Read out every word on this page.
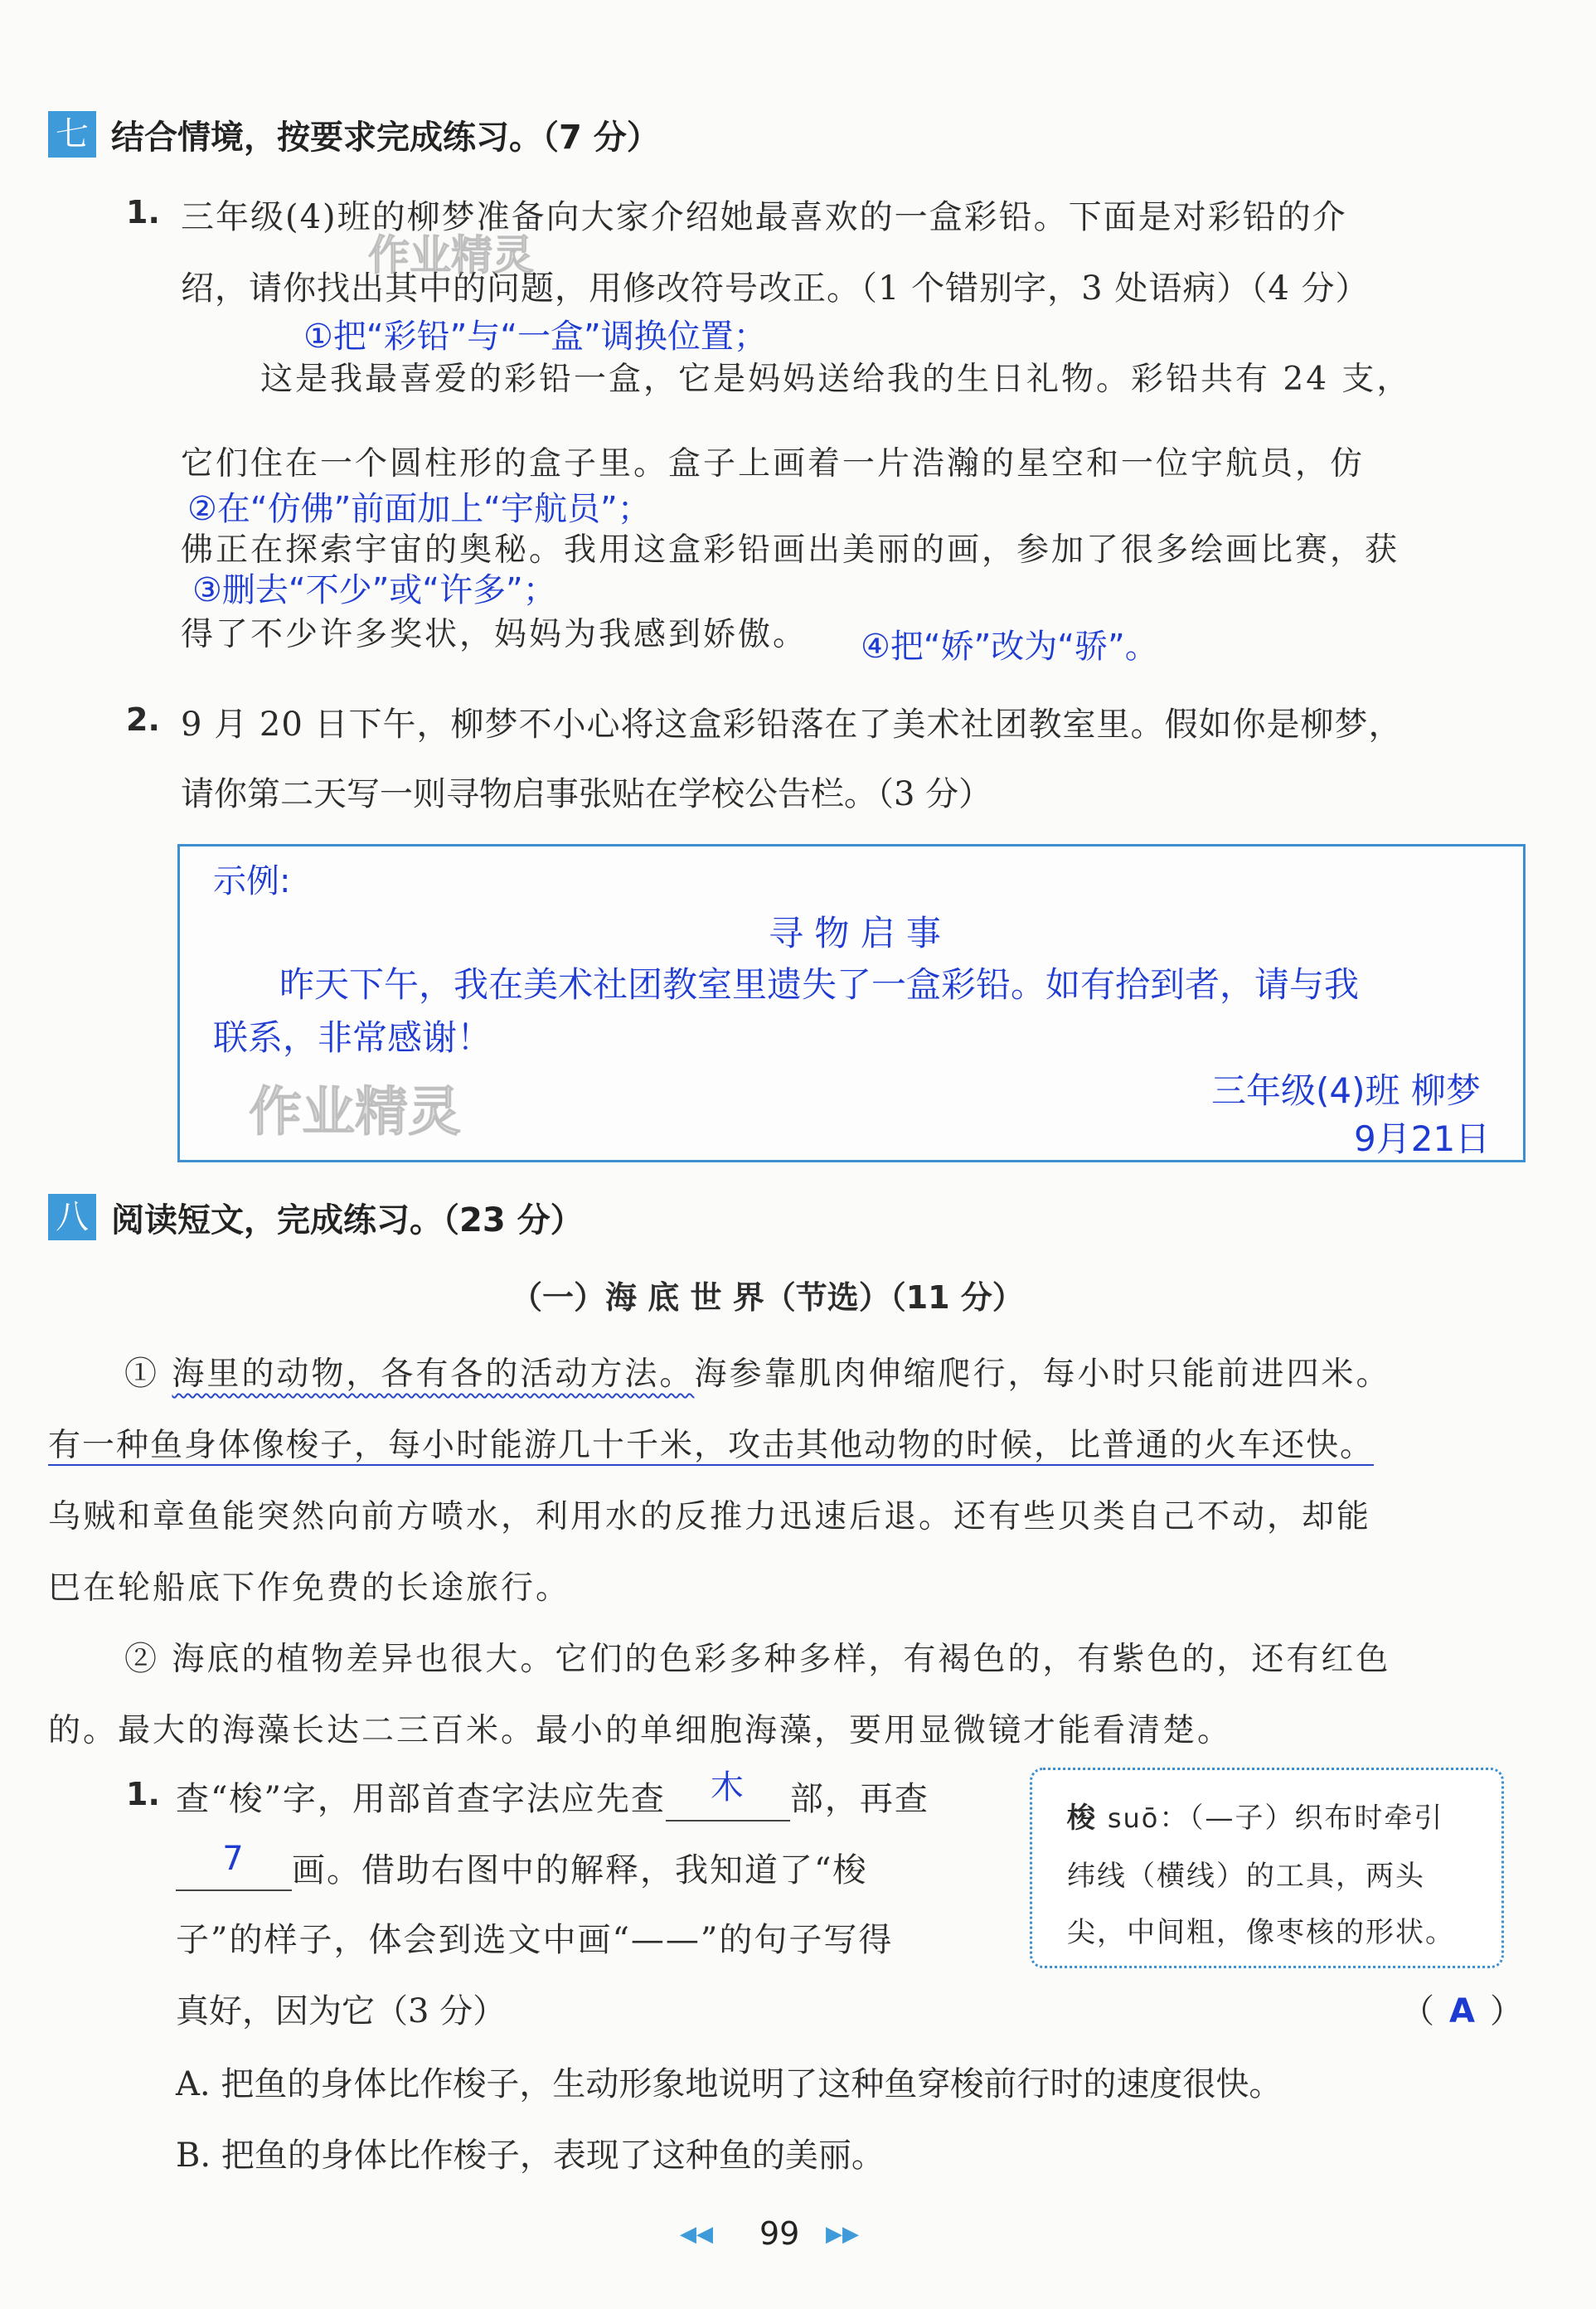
七 结合情境，按要求完成练习。（7 分）
1. 三年级(4)班的柳梦准备向大家介绍她最喜欢的一盒彩铅。下面是对彩铅的介
绍，请你找出其中的问题，用修改符号改正。（1 个错别字，3 处语病）（4 分）
①把“彩铅”与“一盒”调换位置；
这是我最喜爱的彩铅一盒，它是妈妈送给我的生日礼物。彩铅共有 24 支，
它们住在一个圆柱形的盒子里。盒子上画着一片浩瀚的星空和一位宇航员，仿
②在“仿佛”前面加上“宇航员”；
佛正在探索宇宙的奥秘。我用这盒彩铅画出美丽的画，参加了很多绘画比赛，获
③删去“不少”或“许多”；
得了不少许多奖状，妈妈为我感到娇傲。 ④把“娇”改为“骄”。
2. 9 月 20 日下午，柳梦不小心将这盒彩铅落在了美术社团教室里。假如你是柳梦，
请你第二天写一则寻物启事张贴在学校公告栏。（3 分）
示例:
寻 物 启 事
昨天下午，我在美术社团教室里遗失了一盒彩铅。如有拾到者，请与我
联系，非常感谢！
三年级(4)班 柳梦
9月21日
八 阅读短文，完成练习。（23 分）
（一）海 底 世 界（节选）（11 分）
① 海里的动物，各有各的活动方法。海参靠肌肉伸缩爬行，每小时只能前进四米。
有一种鱼身体像梭子，每小时能游几十千米，攻击其他动物的时候，比普通的火车还快。
乌贼和章鱼能突然向前方喷水，利用水的反推力迅速后退。还有些贝类自己不动，却能
巴在轮船底下作免费的长途旅行。
② 海底的植物差异也很大。它们的色彩多种多样，有褐色的，有紫色的，还有红色
的。最大的海藻长达二三百米。最小的单细胞海藻，要用显微镜才能看清楚。
1. 查“梭”字，用部首查字法应先查 木 部，再查
7 画。借助右图中的解释，我知道了“梭
子”的样子，体会到选文中画“——”的句子写得
真好，因为它（3 分）	（ A ）
梭 suō：（—子）织布时牵引
纬线（横线）的工具，两头
尖，中间粗，像枣核的形状。
A. 把鱼的身体比作梭子，生动形象地说明了这种鱼穿梭前行时的速度很快。
B. 把鱼的身体比作梭子，表现了这种鱼的美丽。
作业精灵
作业精灵
◀◀ 99 ▶▶
